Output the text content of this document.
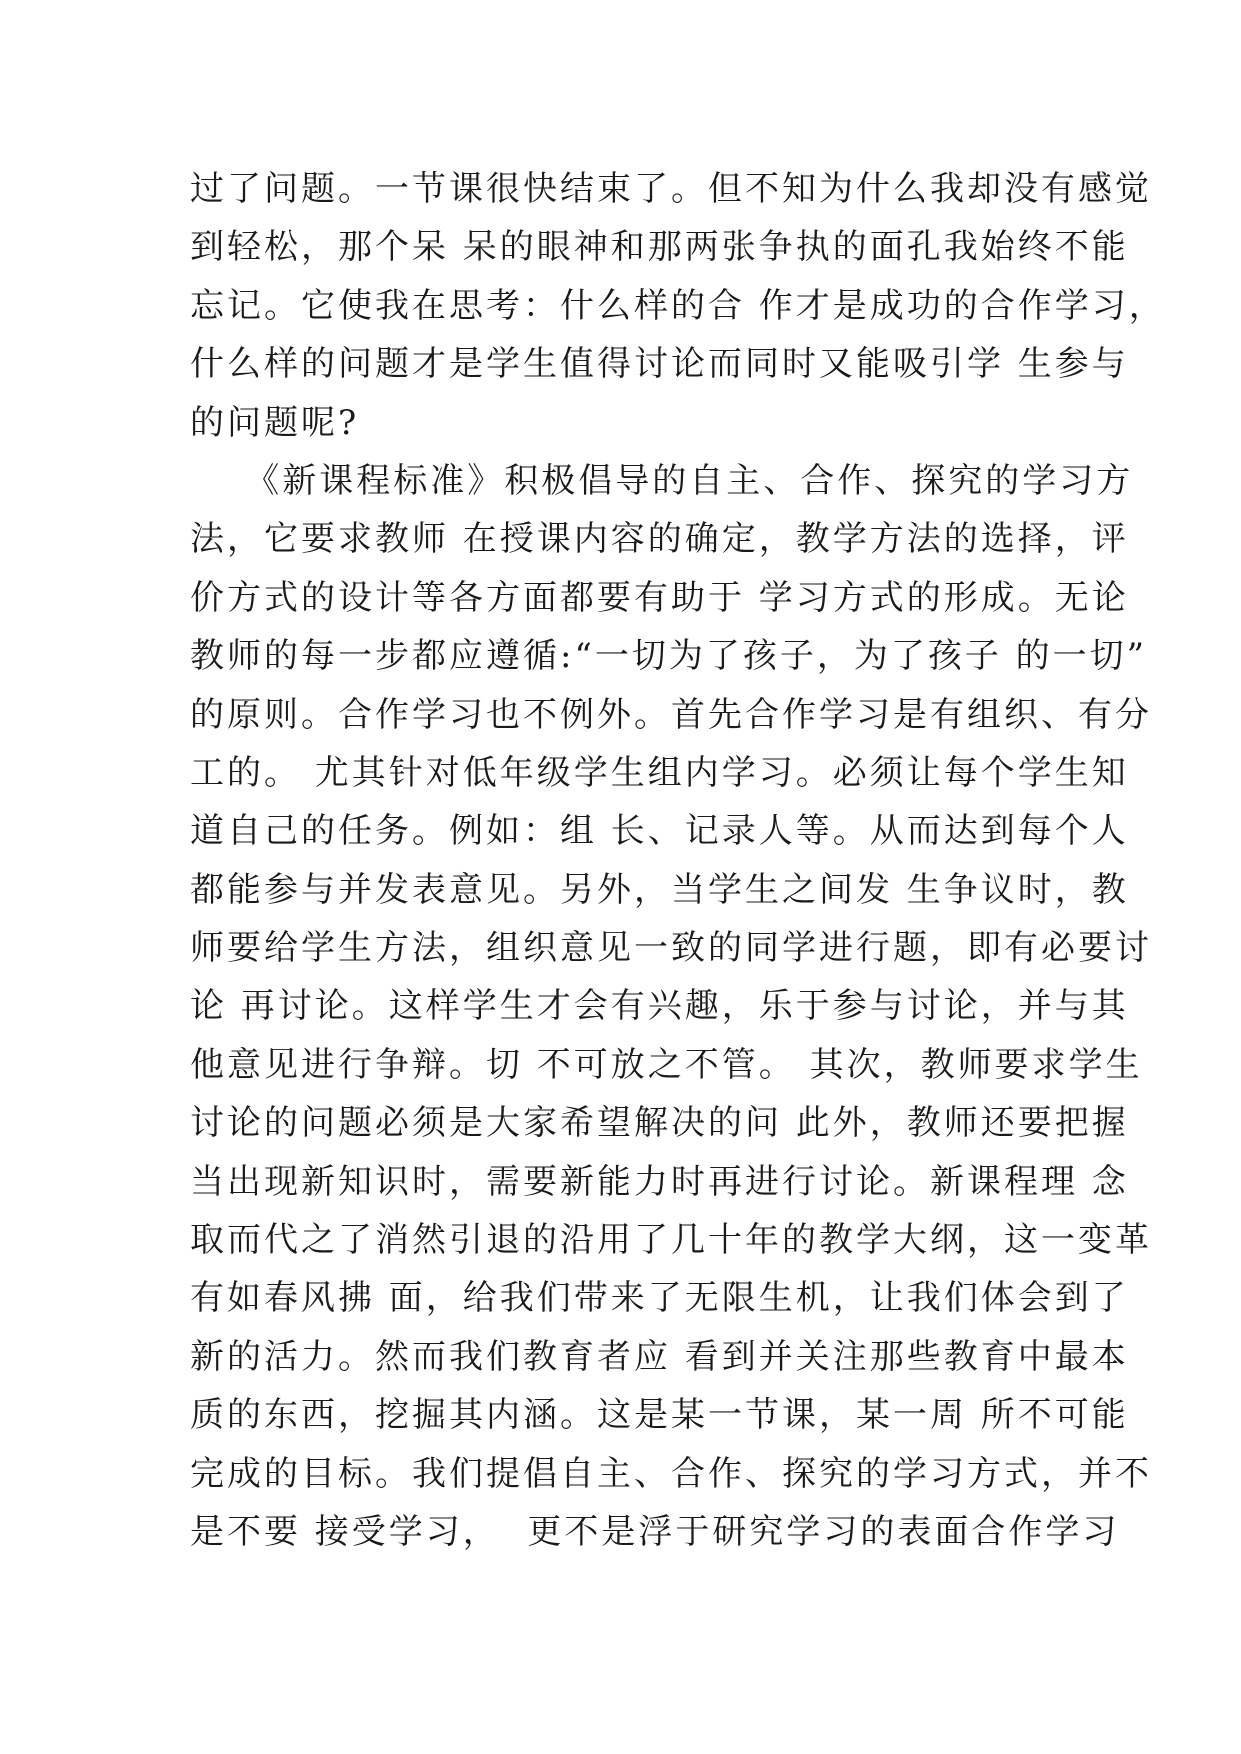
过了问题。一节课很快结束了。但不知为什么我却没有感觉
到轻松，那个呆 呆的眼神和那两张争执的面孔我始终不能
忘记。它使我在思考：什么样的合 作才是成功的合作学习，
什么样的问题才是学生值得讨论而同时又能吸引学 生参与
的问题呢?
《新课程标准》积极倡导的自主、合作、探究的学习方
法，它要求教师 在授课内容的确定，教学方法的选择，评
价方式的设计等各方面都要有助于 学习方式的形成。无论
教师的每一步都应遵循:“一切为了孩子，为了孩子 的一切”
的原则。合作学习也不例外。首先合作学习是有组织、有分
工的。 尤其针对低年级学生组内学习。必须让每个学生知
道自己的任务。例如：组 长、记录人等。从而达到每个人
都能参与并发表意见。另外，当学生之间发 生争议时，教
师要给学生方法，组织意见一致的同学进行题，即有必要讨
论 再讨论。这样学生才会有兴趣，乐于参与讨论，并与其
他意见进行争辩。切 不可放之不管。 其次，教师要求学生
讨论的问题必须是大家希望解决的问 此外，教师还要把握
当出现新知识时，需要新能力时再进行讨论。新课程理 念
取而代之了消然引退的沿用了几十年的教学大纲，这一变革
有如春风拂 面，给我们带来了无限生机，让我们体会到了
新的活力。然而我们教育者应 看到并关注那些教育中最本
质的东西，挖掘其内涵。这是某一节课，某一周 所不可能
完成的目标。我们提倡自主、合作、探究的学习方式，并不
是不要 接受学习，  更不是浮于研究学习的表面合作学习
